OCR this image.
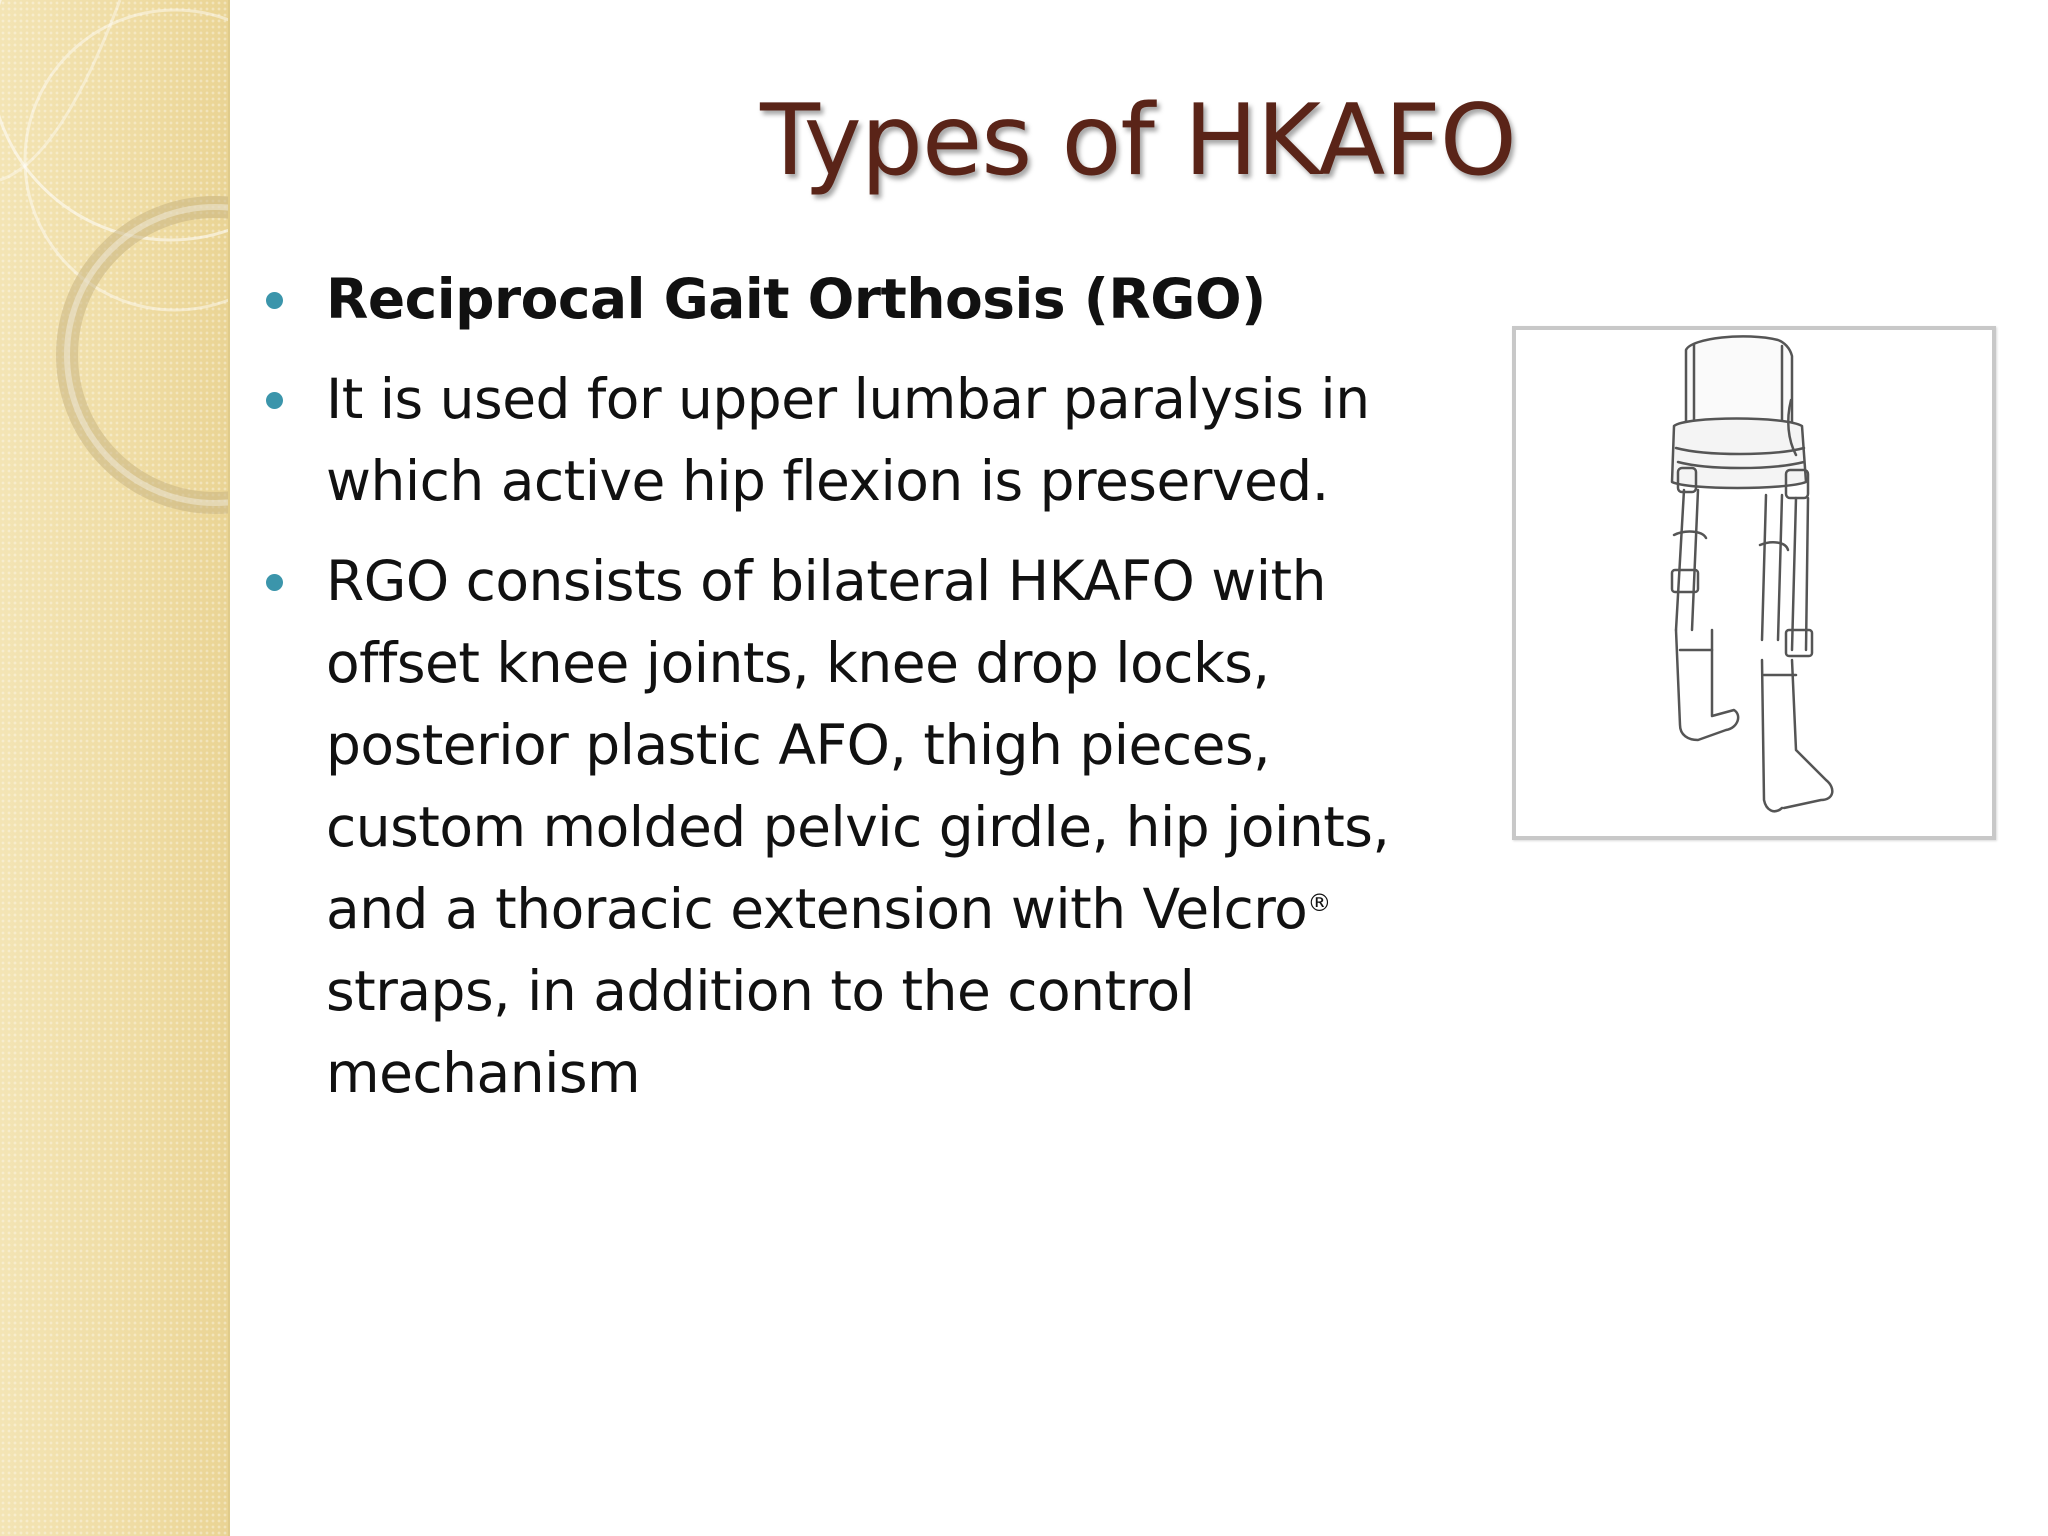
Types of HKAFO
Reciprocal Gait Orthosis (RGO)
It is used for upper lumbar paralysis in which active hip flexion is preserved.
RGO consists of bilateral HKAFO with offset knee joints, knee drop locks, posterior plastic AFO, thigh pieces, custom molded pelvic girdle, hip joints, and a thoracic extension with Velcro® straps, in addition to the control mechanism
